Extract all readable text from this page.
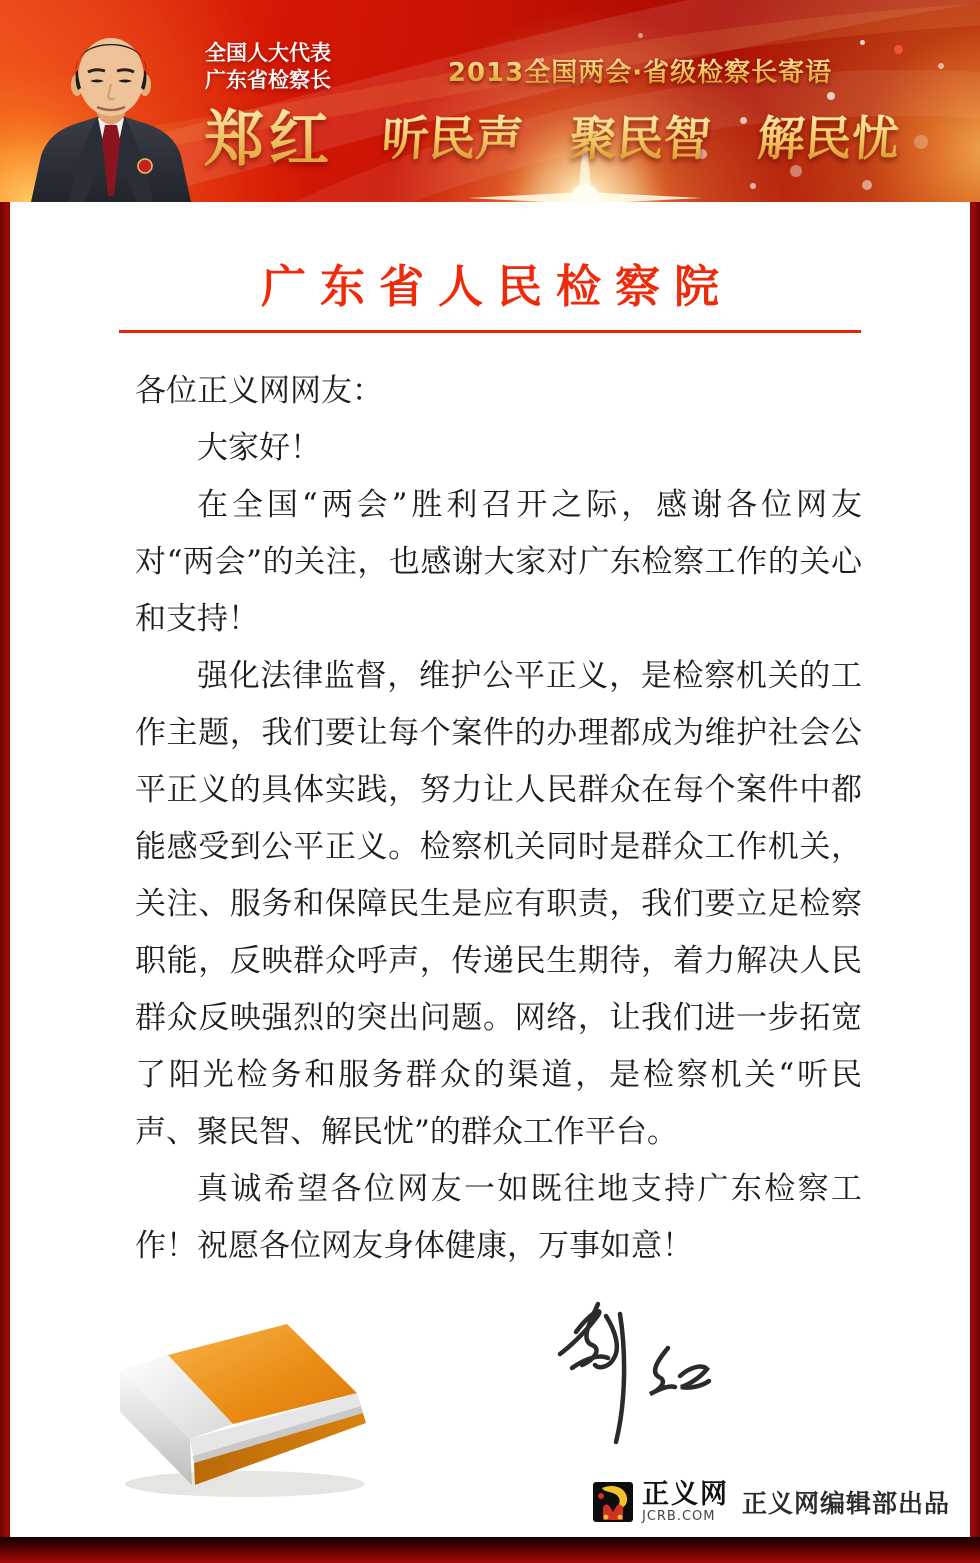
全国人大代表
广东省检察长
郑红
2013全国两会·省级检察长寄语
听民声　聚民智　解民忧
广东省人民检察院

各位正义网网友：

大家好！

在全国“两会”胜利召开之际，感谢各位网友对“两会”的关注，也感谢大家对广东检察工作的关心和支持！

强化法律监督，维护公平正义，是检察机关的工作主题，我们要让每个案件的办理都成为维护社会公平正义的具体实践，努力让人民群众在每个案件中都能感受到公平正义。检察机关同时是群众工作机关，关注、服务和保障民生是应有职责，我们要立足检察职能，反映群众呼声，传递民生期待，着力解决人民群众反映强烈的突出问题。网络，让我们进一步拓宽了阳光检务和服务群众的渠道，是检察机关“听民声、聚民智、解民忧”的群众工作平台。

真诚希望各位网友一如既往地支持广东检察工作！祝愿各位网友身体健康，万事如意！

正义网
JCRB.COM	正义网编辑部出品
